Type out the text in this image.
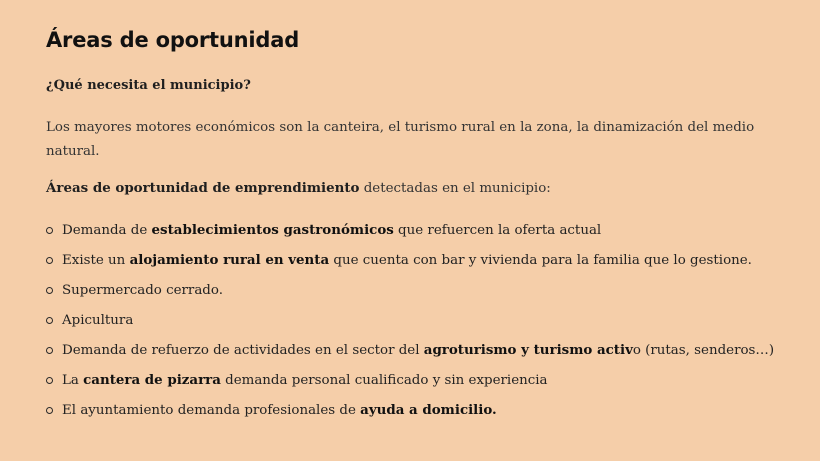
Áreas de oportunidad

¿Qué necesita el municipio?

Los mayores motores económicos son la canteira, el turismo rural en la zona, la dinamización del medio natural.

Áreas de oportunidad de emprendimiento detectadas en el municipio:

Demanda de establecimientos gastronómicos que refuercen la oferta actual
Existe un alojamiento rural en venta que cuenta con bar y vivienda para la familia que lo gestione.
Supermercado cerrado.
Apicultura
Demanda de refuerzo de actividades en el sector del agroturismo y turismo activo (rutas, senderos…)
La cantera de pizarra demanda personal cualificado y sin experiencia
El ayuntamiento demanda profesionales de ayuda a domicilio.
